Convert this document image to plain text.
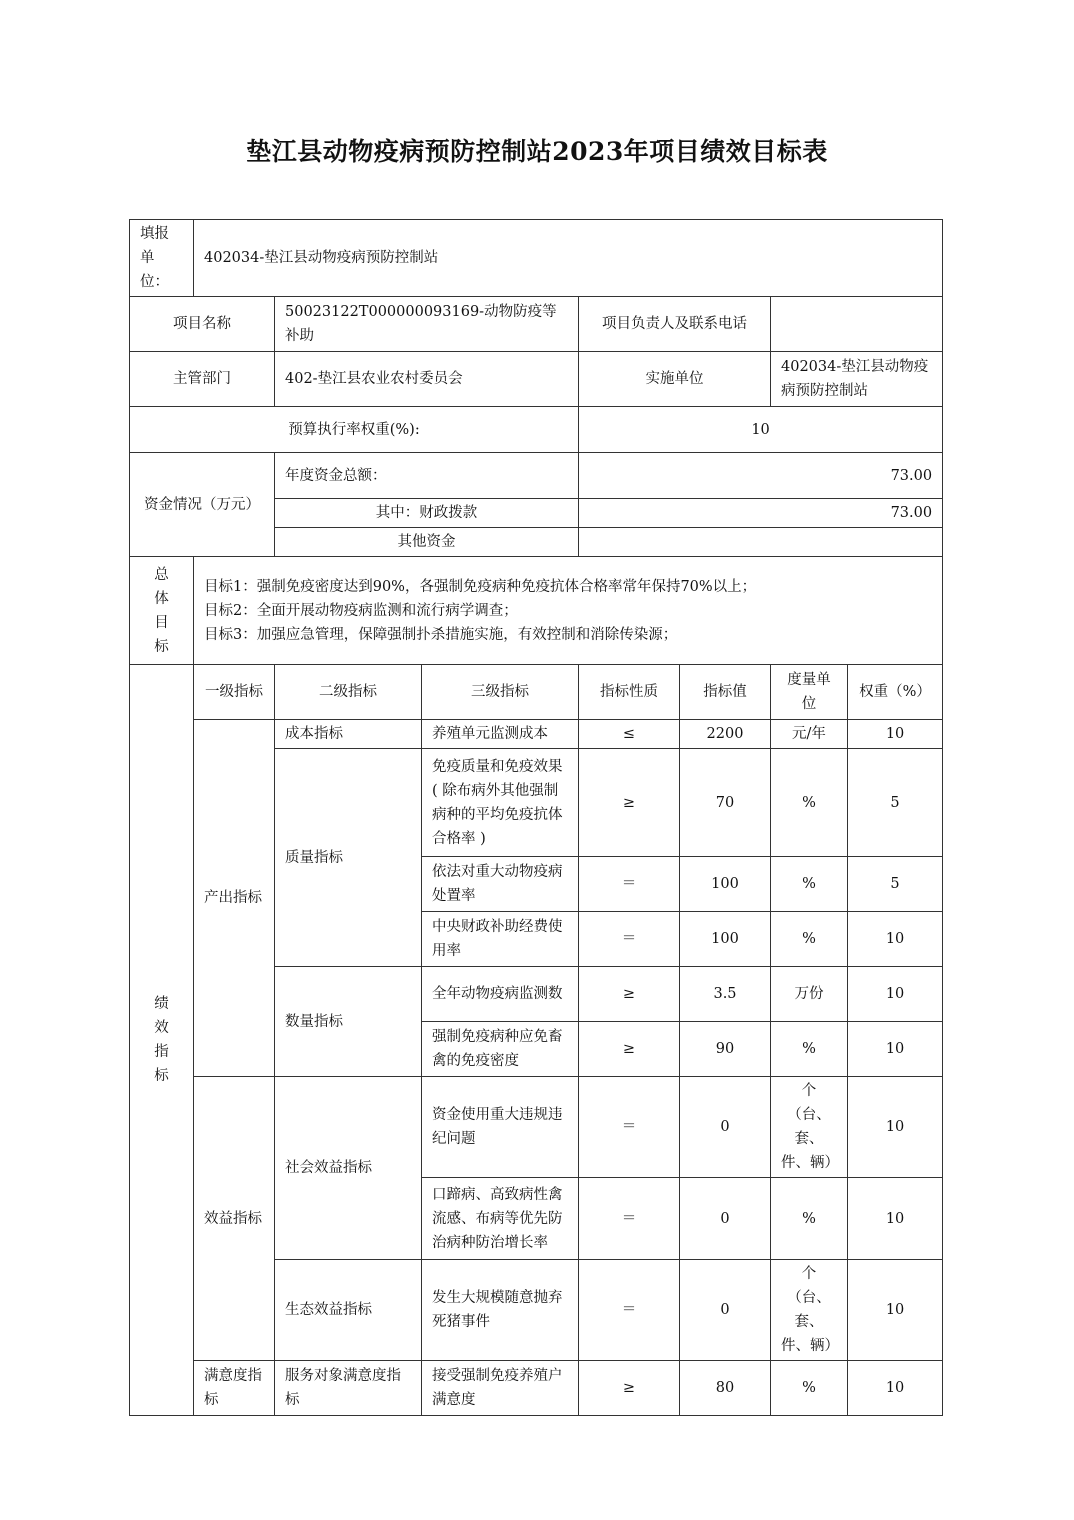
垫江县动物疫病预防控制站2023年项目绩效目标表
填报单位：	402034-垫江县动物疫病预防控制站						
项目名称		50023122T000000093169-动物防疫等补助		项目负责人及联系电话			
主管部门		402-垫江县农业农村委员会		实施单位		402034-垫江县动物疫病预防控制站	
预算执行率权重(%):				10			
资金情况（万元）		年度资金总额：		73.00			
		其中：财政拨款		73.00			
		其他资金					

总体目标	目标1：强制免疫密度达到90%，各强制免疫病种免疫抗体合格率常年保持70%以上；
目标2：全面开展动物疫病监测和流行病学调查；
目标3：加强应急管理，保障强制扑杀措施实施，有效控制和消除传染源；						

绩效指标	一级指标	二级指标	三级指标	指标性质	指标值	度量单位	权重（%）
	产出指标	成本指标	养殖单元监测成本	≤	2200	元/年	10
		质量指标	免疫质量和免疫效果( 除布病外其他强制病种的平均免疫抗体合格率 )	≥	70	%	5
			依法对重大动物疫病处置率	＝	100	%	5
			中央财政补助经费使用率	＝	100	%	10
		数量指标	全年动物疫病监测数	≥	3.5	万份	10
			强制免疫病种应免畜禽的免疫密度	≥	90	%	10
	效益指标	社会效益指标	资金使用重大违规违纪问题	＝	0	个（台、套、件、辆）	10
			口蹄病、高致病性禽流感、布病等优先防治病种防治增长率	＝	0	%	10
		生态效益指标	发生大规模随意抛弃死猪事件	＝	0	个（台、套、件、辆）	10
	满意度指标	服务对象满意度指标	接受强制免疫养殖户满意度	≥	80	%	10
